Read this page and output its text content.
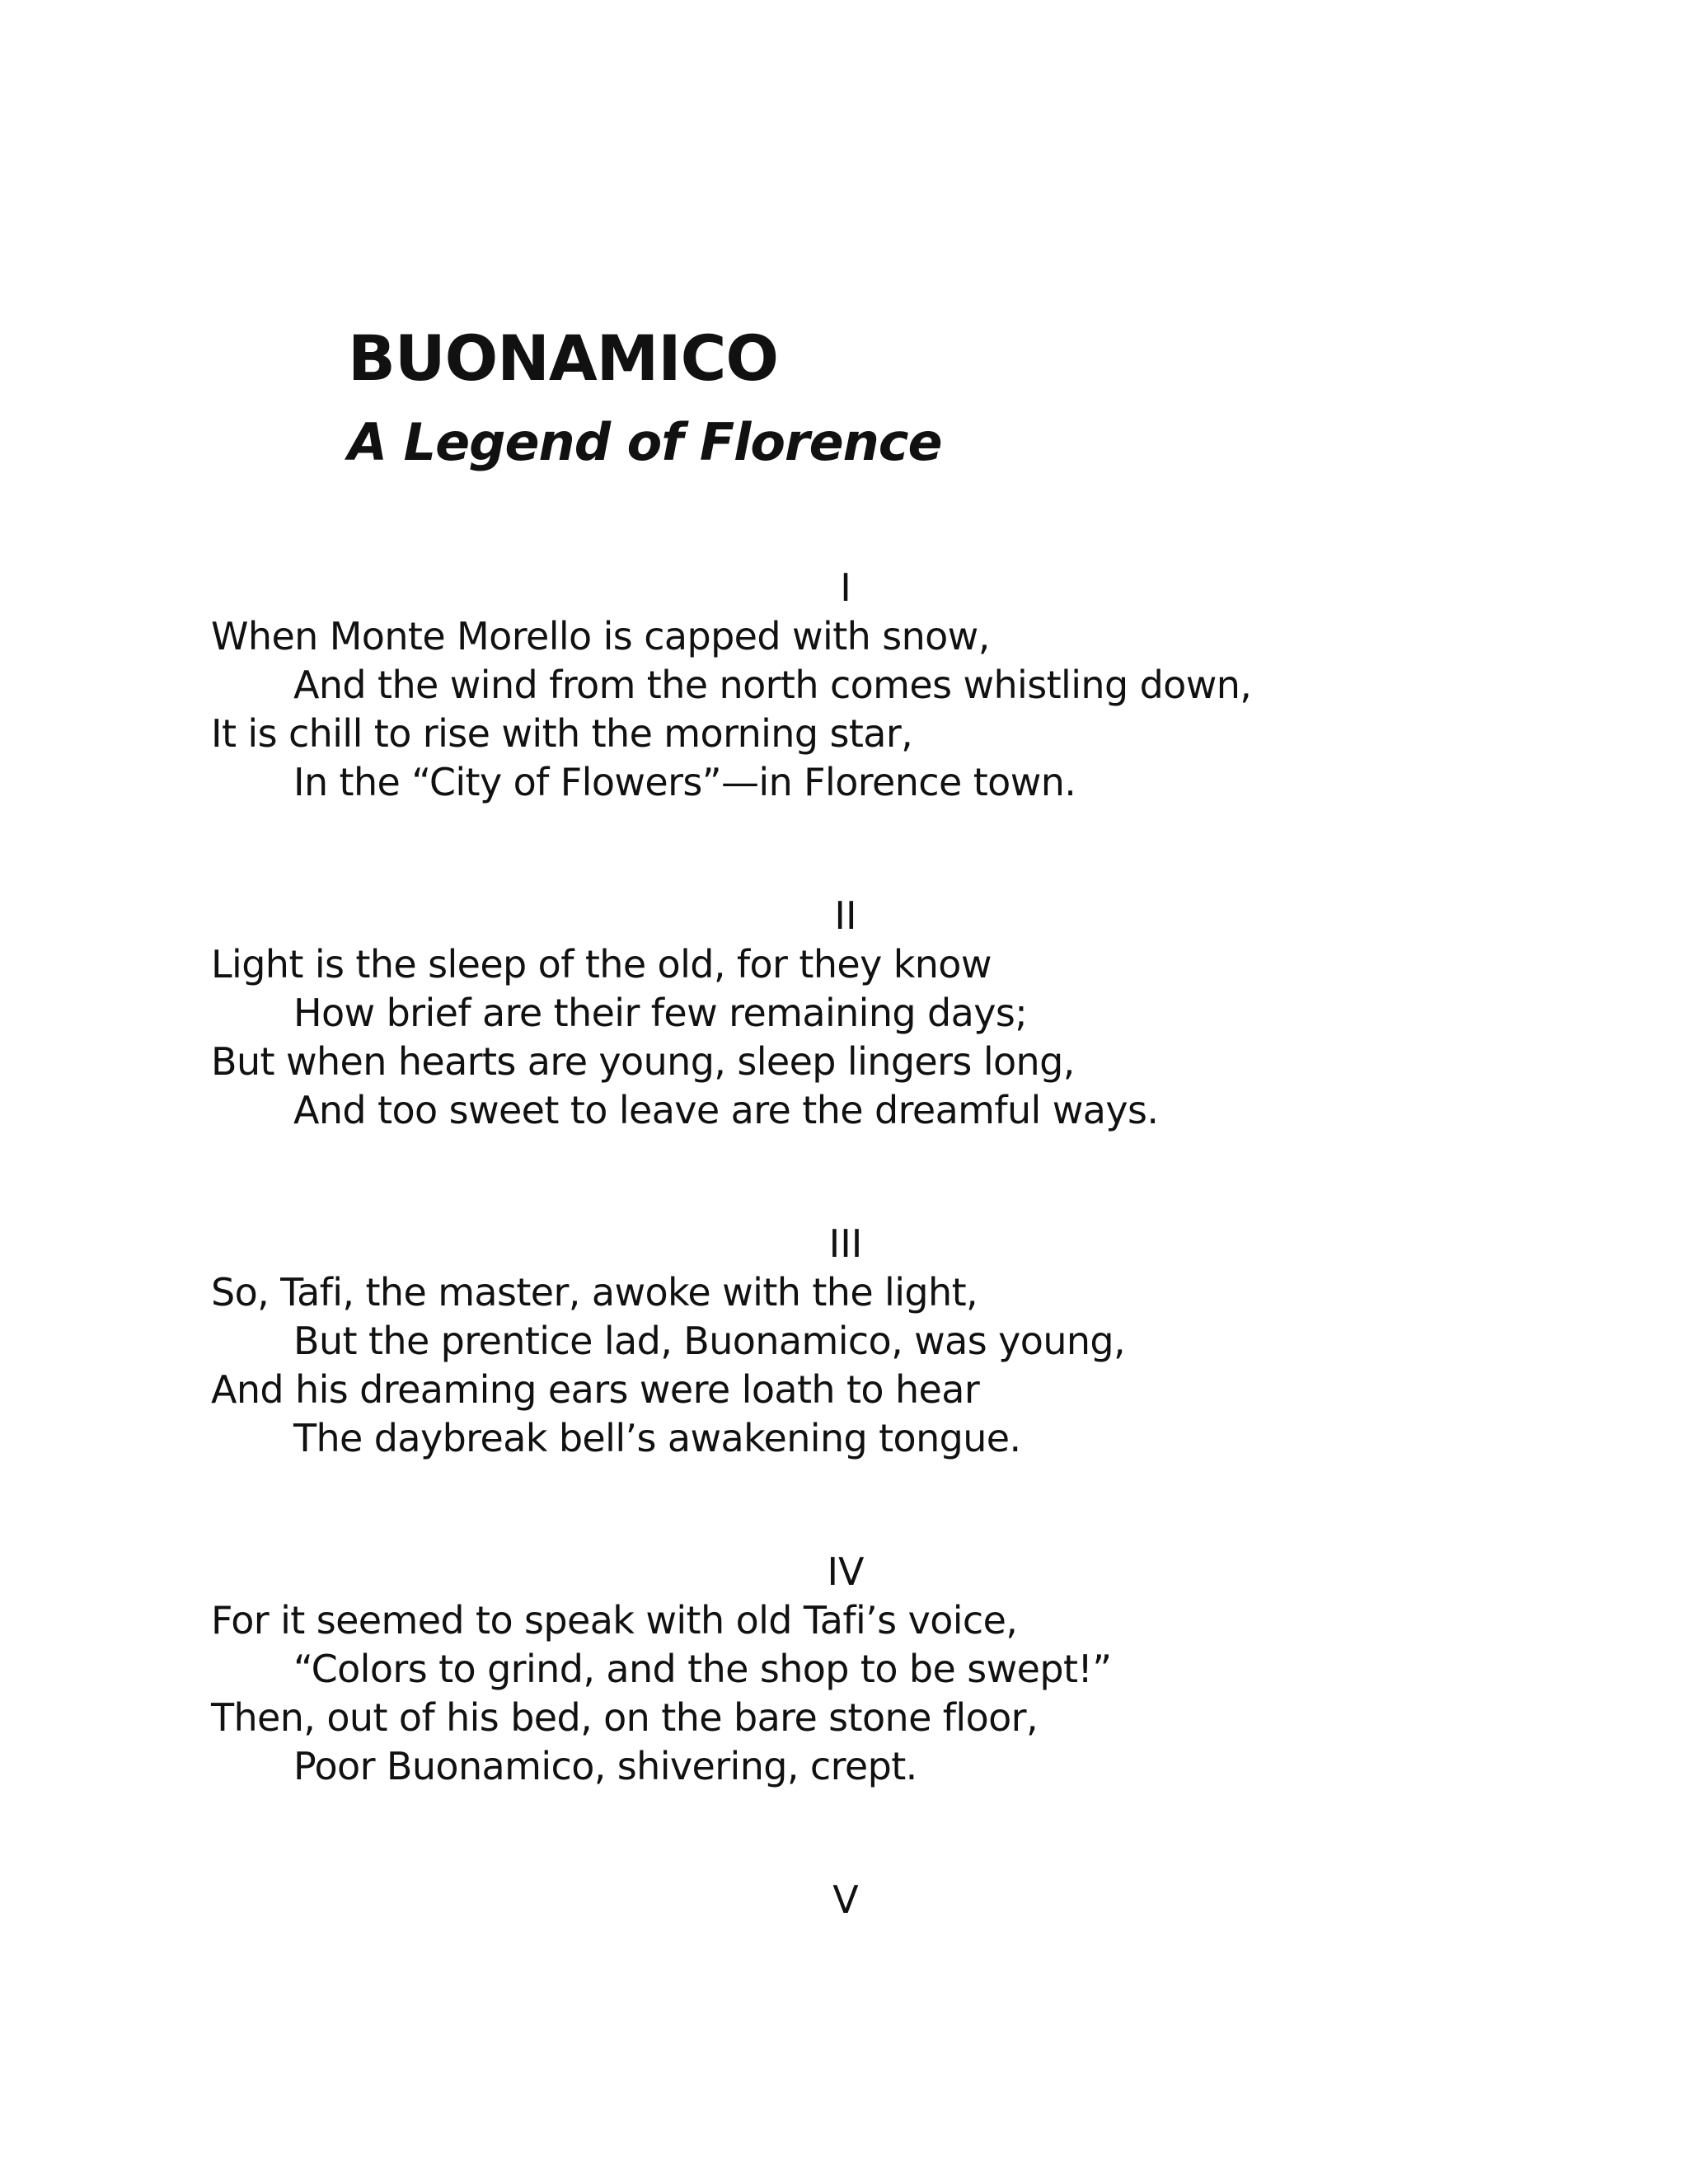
BUONAMICO
A Legend of Florence
I
When Monte Morello is capped with snow,
And the wind from the north comes whistling down,
It is chill to rise with the morning star,
In the “City of Flowers”—in Florence town.
II
Light is the sleep of the old, for they know
How brief are their few remaining days;
But when hearts are young, sleep lingers long,
And too sweet to leave are the dreamful ways.
III
So, Tafi, the master, awoke with the light,
But the prentice lad, Buonamico, was young,
And his dreaming ears were loath to hear
The daybreak bell’s awakening tongue.
IV
For it seemed to speak with old Tafi’s voice,
“Colors to grind, and the shop to be swept!”
Then, out of his bed, on the bare stone floor,
Poor Buonamico, shivering, crept.
V
